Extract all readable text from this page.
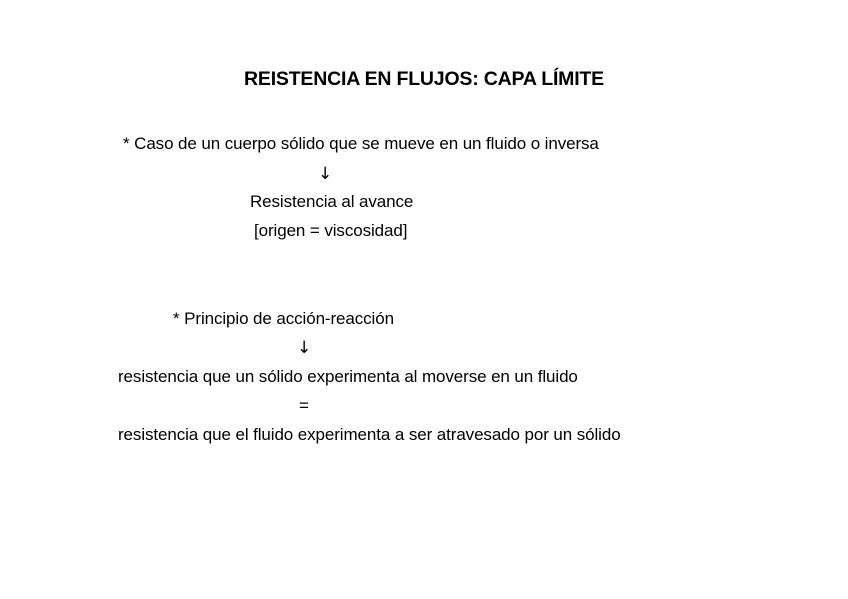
REISTENCIA EN FLUJOS: CAPA LÍMITE
* Caso de un cuerpo sólido que se mueve en un fluido o inversa
↓
Resistencia al avance
[origen = viscosidad]
* Principio de acción-reacción
↓
resistencia que un sólido experimenta al moverse en un fluido
=
resistencia que el fluido experimenta a ser atravesado por un sólido
